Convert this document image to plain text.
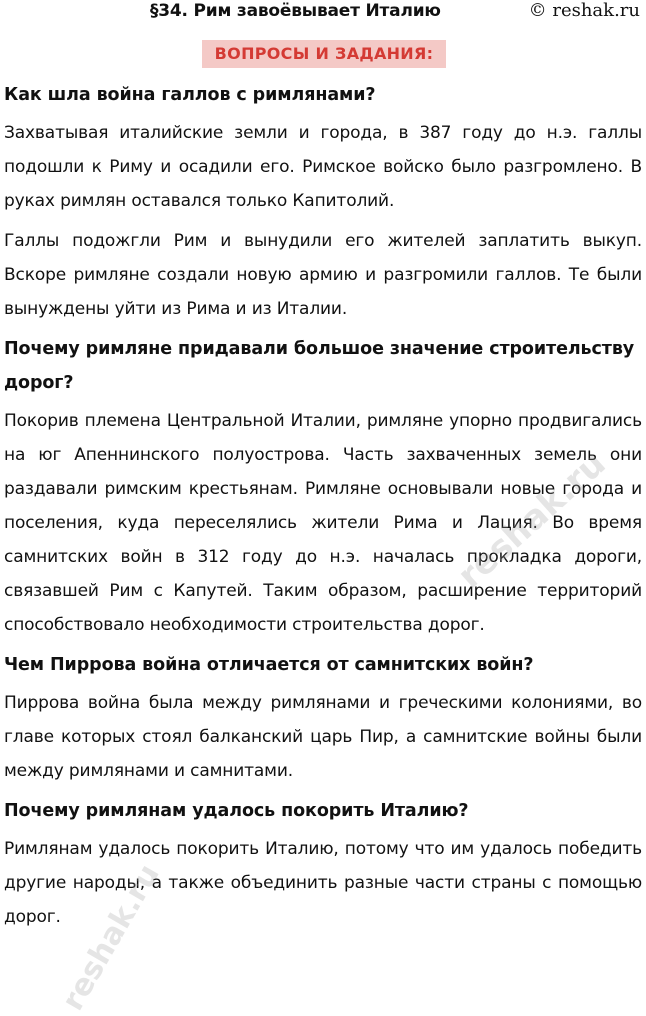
§34. Рим завоёвывает Италию	© reshak.ru
ВОПРОСЫ И ЗАДАНИЯ:

Как шла война галлов с римлянами?

Захватывая италийские земли и города, в 387 году до н.э. галлы подошли к Риму и осадили его. Римское войско было разгромлено. В руках римлян оставался только Капитолий.

Галлы подожгли Рим и вынудили его жителей заплатить выкуп. Вскоре римляне создали новую армию и разгромили галлов. Те были вынуждены уйти из Рима и из Италии.

Почему римляне придавали большое значение строительству дорог?

Покорив племена Центральной Италии, римляне упорно продвигались на юг Апеннинского полуострова. Часть захваченных земель они раздавали римским крестьянам. Римляне основывали новые города и поселения, куда переселялись жители Рима и Лация. Во время самнитских войн в 312 году до н.э. началась прокладка дороги, связавшей Рим с Капутей. Таким образом, расширение территорий способствовало необходимости строительства дорог.

Чем Пиррова война отличается от самнитских войн?

Пиррова война была между римлянами и греческими колониями, во главе которых стоял балканский царь Пир, а самнитские войны были между римлянами и самнитами.

Почему римлянам удалось покорить Италию?

Римлянам удалось покорить Италию, потому что им удалось победить другие народы, а также объединить разные части страны с помощью дорог.

reshak.ru
reshak.ru
